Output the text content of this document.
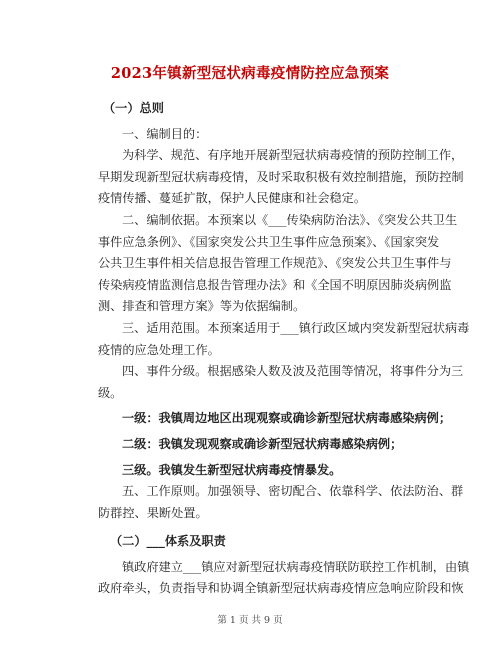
2023年镇新型冠状病毒疫情防控应急预案
（一）总则
一、编制目的：
为科学、规范、有序地开展新型冠状病毒疫情的预防控制工作，
早期发现新型冠状病毒疫情，及时采取积极有效控制措施，预防控制
疫情传播、蔓延扩散，保护人民健康和社会稳定。
二、编制依据。本预案以《___传染病防治法》、《突发公共卫生
事件应急条例》、《国家突发公共卫生事件应急预案》、《国家突发
公共卫生事件相关信息报告管理工作规范》、《突发公共卫生事件与
传染病疫情监测信息报告管理办法》和《全国不明原因肺炎病例监
测、排查和管理方案》等为依据编制。
三、适用范围。本预案适用于___镇行政区域内突发新型冠状病毒
疫情的应急处理工作。
四、事件分级。根据感染人数及波及范围等情况，将事件分为三
级。
一级：我镇周边地区出现观察或确诊新型冠状病毒感染病例；
二级：我镇发现观察或确诊新型冠状病毒感染病例；
三级。我镇发生新型冠状病毒疫情暴发。
五、工作原则。加强领导、密切配合、依靠科学、依法防治、群
防群控、果断处置。
（二）___体系及职责
镇政府建立___镇应对新型冠状病毒疫情联防联控工作机制，由镇
政府牵头，负责指导和协调全镇新型冠状病毒疫情应急响应阶段和恢
第 1 页 共 9 页
